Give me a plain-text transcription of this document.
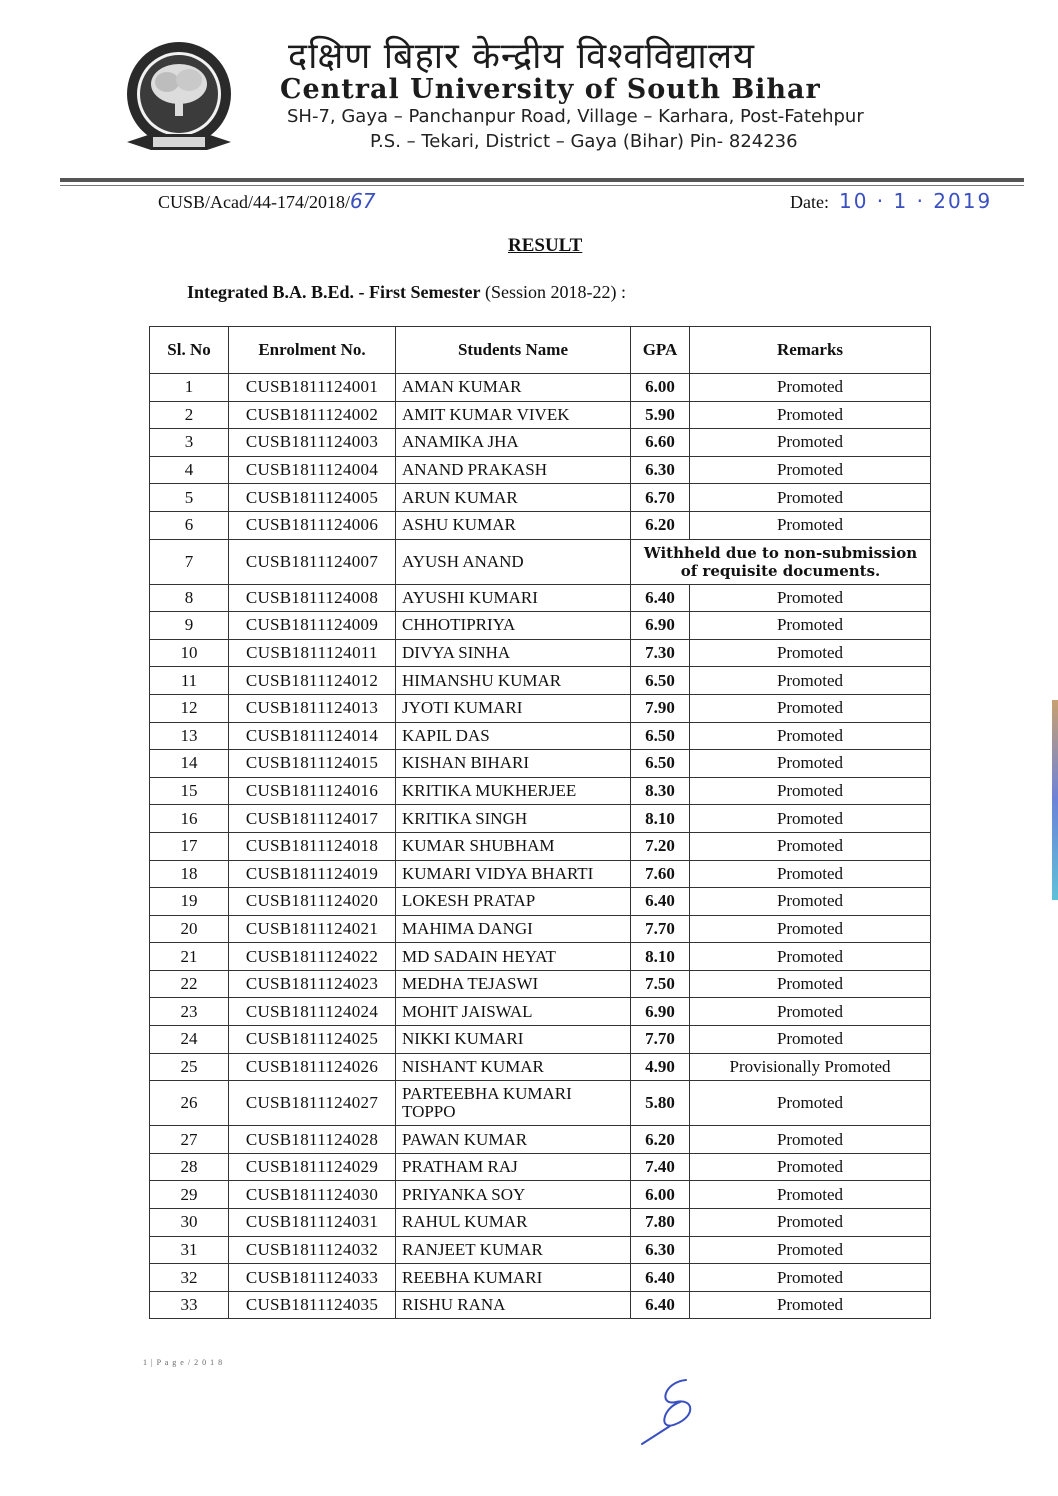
दक्षिण बिहार केन्द्रीय विश्वविद्यालय
Central University of South Bihar
SH-7, Gaya – Panchanpur Road, Village – Karhara, Post-Fatehpur
P.S. – Tekari, District – Gaya (Bihar) Pin- 824236
CUSB/Acad/44-174/2018/67	Date: 10 · 1 · 2019
RESULT
Integrated B.A. B.Ed. - First Semester (Session 2018-22) :
Sl. No	Enrolment No.	Students Name	GPA	Remarks
1	CUSB1811124001	AMAN KUMAR	6.00	Promoted
2	CUSB1811124002	AMIT KUMAR VIVEK	5.90	Promoted
3	CUSB1811124003	ANAMIKA JHA	6.60	Promoted
4	CUSB1811124004	ANAND PRAKASH	6.30	Promoted
5	CUSB1811124005	ARUN KUMAR	6.70	Promoted
6	CUSB1811124006	ASHU KUMAR	6.20	Promoted
7	CUSB1811124007	AYUSH ANAND	Withheld due to non-submission of requisite documents.	
8	CUSB1811124008	AYUSHI KUMARI	6.40	Promoted
9	CUSB1811124009	CHHOTIPRIYA	6.90	Promoted
10	CUSB1811124011	DIVYA SINHA	7.30	Promoted
11	CUSB1811124012	HIMANSHU KUMAR	6.50	Promoted
12	CUSB1811124013	JYOTI KUMARI	7.90	Promoted
13	CUSB1811124014	KAPIL DAS	6.50	Promoted
14	CUSB1811124015	KISHAN BIHARI	6.50	Promoted
15	CUSB1811124016	KRITIKA MUKHERJEE	8.30	Promoted
16	CUSB1811124017	KRITIKA SINGH	8.10	Promoted
17	CUSB1811124018	KUMAR SHUBHAM	7.20	Promoted
18	CUSB1811124019	KUMARI VIDYA BHARTI	7.60	Promoted
19	CUSB1811124020	LOKESH PRATAP	6.40	Promoted
20	CUSB1811124021	MAHIMA DANGI	7.70	Promoted
21	CUSB1811124022	MD SADAIN HEYAT	8.10	Promoted
22	CUSB1811124023	MEDHA TEJASWI	7.50	Promoted
23	CUSB1811124024	MOHIT JAISWAL	6.90	Promoted
24	CUSB1811124025	NIKKI KUMARI	7.70	Promoted
25	CUSB1811124026	NISHANT KUMAR	4.90	Provisionally Promoted
26	CUSB1811124027	PARTEEBHA KUMARI TOPPO	5.80	Promoted
27	CUSB1811124028	PAWAN KUMAR	6.20	Promoted
28	CUSB1811124029	PRATHAM RAJ	7.40	Promoted
29	CUSB1811124030	PRIYANKA SOY	6.00	Promoted
30	CUSB1811124031	RAHUL KUMAR	7.80	Promoted
31	CUSB1811124032	RANJEET KUMAR	6.30	Promoted
32	CUSB1811124033	REEBHA KUMARI	6.40	Promoted
33	CUSB1811124035	RISHU RANA	6.40	Promoted
1 | P a g e / 2 0 1 8
